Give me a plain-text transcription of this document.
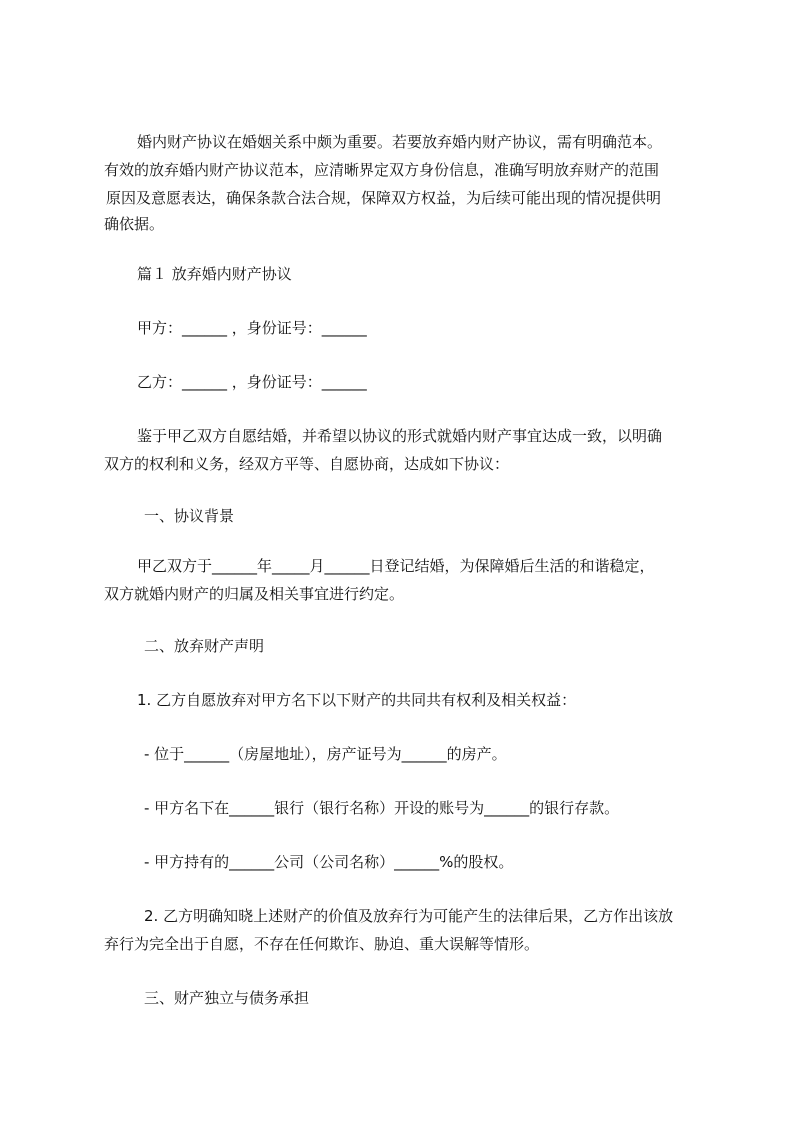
婚内财产协议在婚姻关系中颇为重要。若要放弃婚内财产协议，需有明确范本。
有效的放弃婚内财产协议范本，应清晰界定双方身份信息，准确写明放弃财产的范围
原因及意愿表达，确保条款合法合规，保障双方权益，为后续可能出现的情况提供明
确依据。
篇１ 放弃婚内财产协议
甲方：______ ，身份证号：______
乙方：______ ，身份证号：______
鉴于甲乙双方自愿结婚，并希望以协议的形式就婚内财产事宜达成一致，以明确
双方的权利和义务，经双方平等、自愿协商，达成如下协议：
一、协议背景
甲乙双方于______年_____月______日登记结婚，为保障婚后生活的和谐稳定，
双方就婚内财产的归属及相关事宜进行约定。
二、放弃财产声明
1. 乙方自愿放弃对甲方名下以下财产的共同共有权利及相关权益：
- 位于______（房屋地址），房产证号为______的房产。
- 甲方名下在______银行（银行名称）开设的账号为______的银行存款。
- 甲方持有的______公司（公司名称）______%的股权。
2. 乙方明确知晓上述财产的价值及放弃行为可能产生的法律后果，乙方作出该放
弃行为完全出于自愿，不存在任何欺诈、胁迫、重大误解等情形。
三、财产独立与债务承担
